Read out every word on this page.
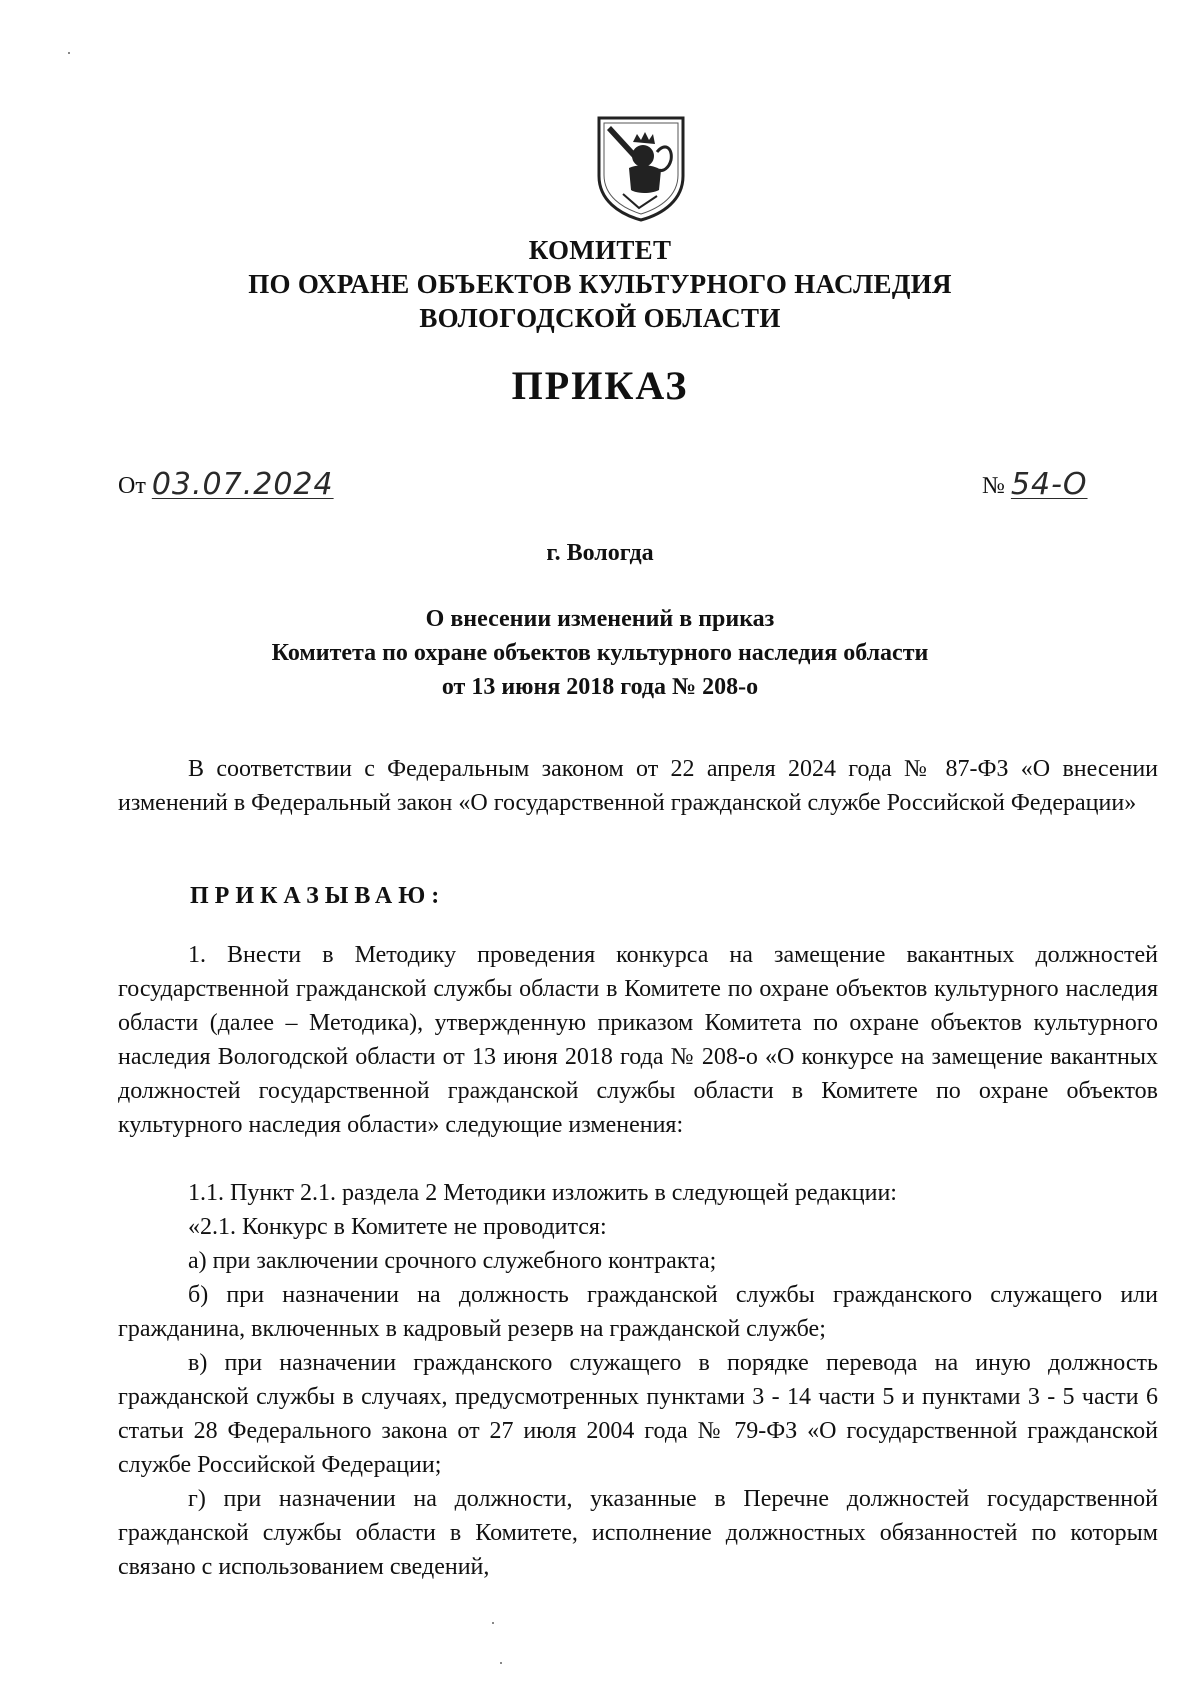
КОМИТЕТ
ПО ОХРАНЕ ОБЪЕКТОВ КУЛЬТУРНОГО НАСЛЕДИЯ
ВОЛОГОДСКОЙ ОБЛАСТИ
ПРИКАЗ
От 03.07.2024	№ 54-О
г. Вологда
О внесении изменений в приказ
Комитета по охране объектов культурного наследия области
от 13 июня 2018 года № 208-о
В соответствии с Федеральным законом от 22 апреля 2024 года № 87-ФЗ «О внесении изменений в Федеральный закон «О государственной гражданской службе Российской Федерации»
ПРИКАЗЫВАЮ:
1. Внести в Методику проведения конкурса на замещение вакантных должностей государственной гражданской службы области в Комитете по охране объектов культурного наследия области (далее – Методика), утвержденную приказом Комитета по охране объектов культурного наследия Вологодской области от 13 июня 2018 года № 208-о «О конкурсе на замещение вакантных должностей государственной гражданской службы области в Комитете по охране объектов культурного наследия области» следующие изменения:
1.1. Пункт 2.1. раздела 2 Методики изложить в следующей редакции:
«2.1. Конкурс в Комитете не проводится:
а) при заключении срочного служебного контракта;
б) при назначении на должность гражданской службы гражданского служащего или гражданина, включенных в кадровый резерв на гражданской службе;
в) при назначении гражданского служащего в порядке перевода на иную должность гражданской службы в случаях, предусмотренных пунктами 3 - 14 части 5 и пунктами 3 - 5 части 6 статьи 28 Федерального закона от 27 июля 2004 года № 79-ФЗ «О государственной гражданской службе Российской Федерации;
г) при назначении на должности, указанные в Перечне должностей государственной гражданской службы области в Комитете, исполнение должностных обязанностей по которым связано с использованием сведений,
